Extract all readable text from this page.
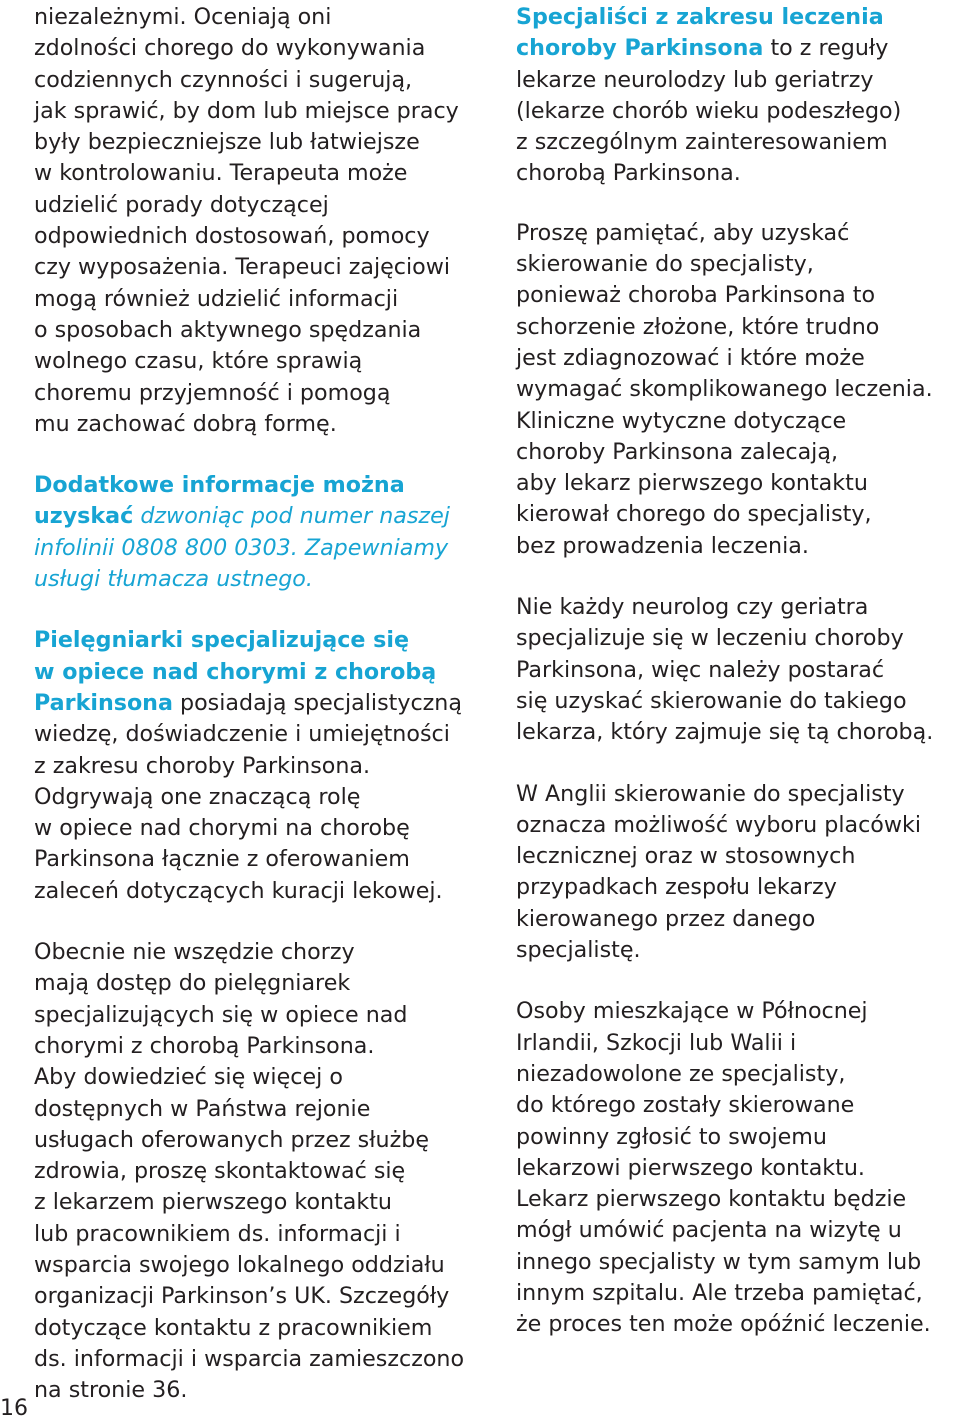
niezależnymi. Oceniają oni
zdolności chorego do wykonywania
codziennych czynności i sugerują,
jak sprawić, by dom lub miejsce pracy
były bezpieczniejsze lub łatwiejsze
w kontrolowaniu. Terapeuta może
udzielić porady dotyczącej
odpowiednich dostosowań, pomocy
czy wyposażenia. Terapeuci zajęciowi
mogą również udzielić informacji
o sposobach aktywnego spędzania
wolnego czasu, które sprawią
choremu przyjemność i pomogą
mu zachować dobrą formę.
Dodatkowe informacje można
uzyskać dzwoniąc pod numer naszej
infolinii 0808 800 0303. Zapewniamy
usługi tłumacza ustnego.
Pielęgniarki specjalizujące się
w opiece nad chorymi z chorobą
Parkinsona posiadają specjalistyczną
wiedzę, doświadczenie i umiejętności
z zakresu choroby Parkinsona.
Odgrywają one znaczącą rolę
w opiece nad chorymi na chorobę
Parkinsona łącznie z oferowaniem
zaleceń dotyczących kuracji lekowej.
Obecnie nie wszędzie chorzy
mają dostęp do pielęgniarek
specjalizujących się w opiece nad
chorymi z chorobą Parkinsona.
Aby dowiedzieć się więcej o
dostępnych w Państwa rejonie
usługach oferowanych przez służbę
zdrowia, proszę skontaktować się
z lekarzem pierwszego kontaktu
lub pracownikiem ds. informacji i
wsparcia swojego lokalnego oddziału
organizacji Parkinson’s UK. Szczegóły
dotyczące kontaktu z pracownikiem
ds. informacji i wsparcia zamieszczono
na stronie 36.
Specjaliści z zakresu leczenia
choroby Parkinsona to z reguły
lekarze neurolodzy lub geriatrzy
(lekarze chorób wieku podeszłego)
z szczególnym zainteresowaniem
chorobą Parkinsona.
Proszę pamiętać, aby uzyskać
skierowanie do specjalisty,
ponieważ choroba Parkinsona to
schorzenie złożone, które trudno
jest zdiagnozować i które może
wymagać skomplikowanego leczenia.
Kliniczne wytyczne dotyczące
choroby Parkinsona zalecają,
aby lekarz pierwszego kontaktu
kierował chorego do specjalisty,
bez prowadzenia leczenia.
Nie każdy neurolog czy geriatra
specjalizuje się w leczeniu choroby
Parkinsona, więc należy postarać
się uzyskać skierowanie do takiego
lekarza, który zajmuje się tą chorobą.
W Anglii skierowanie do specjalisty
oznacza możliwość wyboru placówki
lecznicznej oraz w stosownych
przypadkach zespołu lekarzy
kierowanego przez danego
specjalistę.
Osoby mieszkające w Północnej
Irlandii, Szkocji lub Walii i
niezadowolone ze specjalisty,
do którego zostały skierowane
powinny zgłosić to swojemu
lekarzowi pierwszego kontaktu.
Lekarz pierwszego kontaktu będzie
mógł umówić pacjenta na wizytę u
innego specjalisty w tym samym lub
innym szpitalu. Ale trzeba pamiętać,
że proces ten może opóźnić leczenie.
16
